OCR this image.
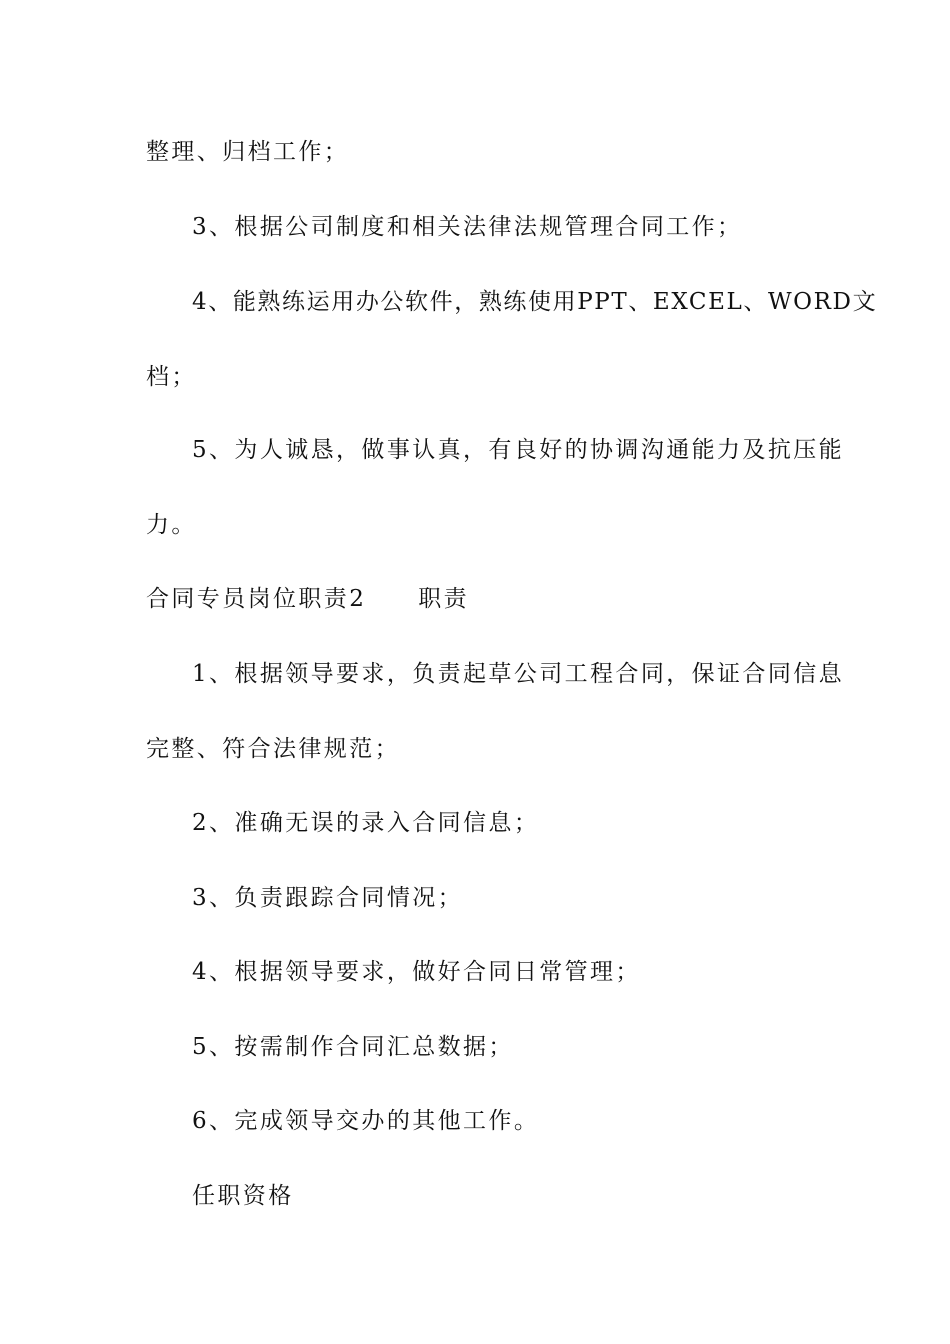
整理、归档工作；
3、根据公司制度和相关法律法规管理合同工作；
4、能熟练运用办公软件，熟练使用PPT、EXCEL、WORD文
档；
5、为人诚恳，做事认真，有良好的协调沟通能力及抗压能
力。
合同专员岗位职责2 职责
1、根据领导要求，负责起草公司工程合同，保证合同信息
完整、符合法律规范；
2、准确无误的录入合同信息；
3、负责跟踪合同情况；
4、根据领导要求，做好合同日常管理；
5、按需制作合同汇总数据；
6、完成领导交办的其他工作。
任职资格
